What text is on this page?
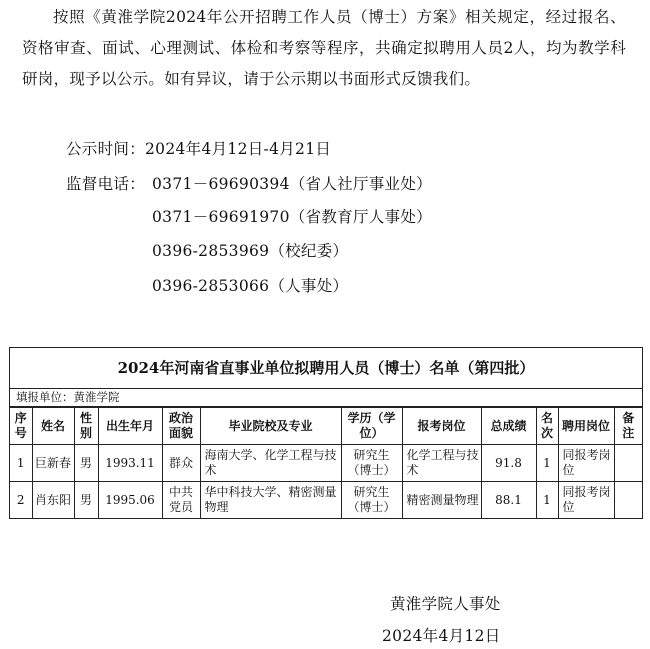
按照《黄淮学院2024年公开招聘工作人员（博士）方案》相关规定，经过报名、资格审查、面试、心理测试、体检和考察等程序，共确定拟聘用人员2人，均为教学科研岗，现予以公示。如有异议，请于公示期以书面形式反馈我们。
公示时间：2024年4月12日-4月21日
监督电话： 0371－69690394（省人社厅事业处）
0371－69691970（省教育厅人事处）
0396-2853969（校纪委）
0396-2853066（人事处）
2024年河南省直事业单位拟聘用人员（博士）名单（第四批）
填报单位：黄淮学院
序号	姓名	性别	出生年月	政治面貌	毕业院校及专业	学历（学位）	报考岗位	总成绩	名次	聘用岗位	备注
1	巨新春	男	1993.11	群众	海南大学、化学工程与技术	研究生（博士）	化学工程与技术	91.8	1	同报考岗位	
2	肖东阳	男	1995.06	中共党员	华中科技大学、精密测量物理	研究生（博士）	精密测量物理	88.1	1	同报考岗位	
黄淮学院人事处
2024年4月12日
